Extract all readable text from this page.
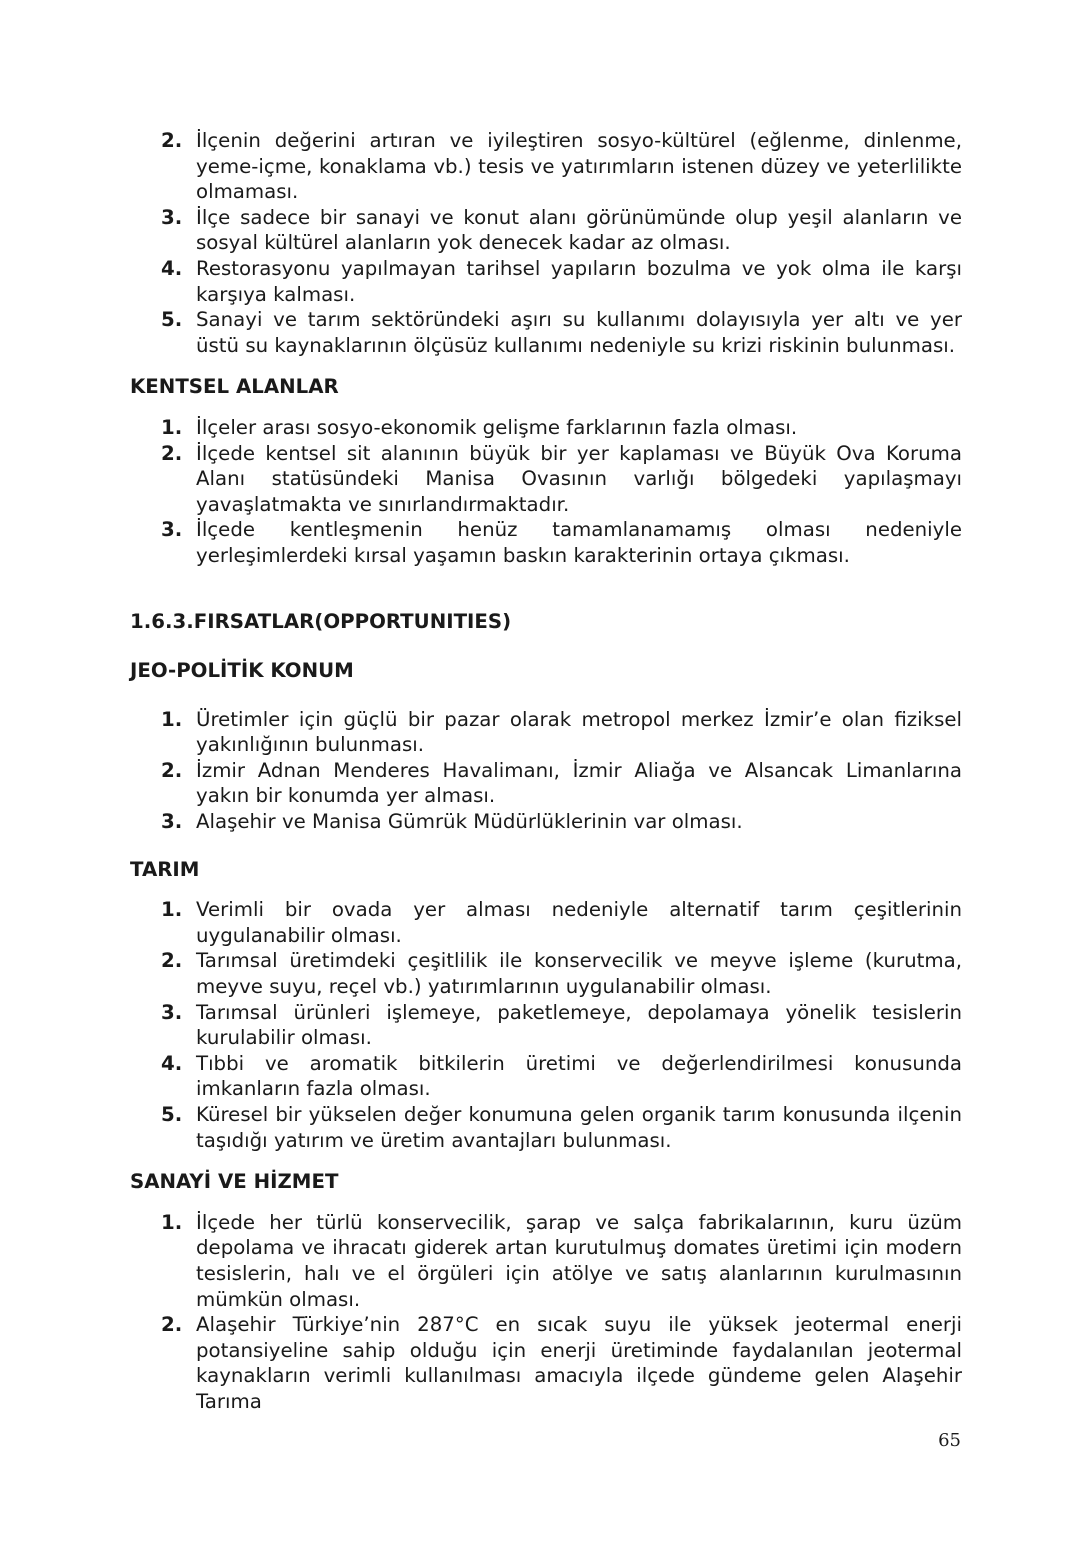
2. İlçenin değerini artıran ve iyileştiren sosyo-kültürel (eğlenme, dinlenme, yeme-içme, konaklama vb.) tesis ve yatırımların istenen düzey ve yeterlilikte olmaması.
3. İlçe sadece bir sanayi ve konut alanı görünümünde olup yeşil alanların ve sosyal kültürel alanların yok denecek kadar az olması.
4. Restorasyonu yapılmayan tarihsel yapıların bozulma ve yok olma ile karşı karşıya kalması.
5. Sanayi ve tarım sektöründeki aşırı su kullanımı dolayısıyla yer altı ve yer üstü su kaynaklarının ölçüsüz kullanımı nedeniyle su krizi riskinin bulunması.
KENTSEL ALANLAR
1. İlçeler arası sosyo-ekonomik gelişme farklarının fazla olması.
2. İlçede kentsel sit alanının büyük bir yer kaplaması ve Büyük Ova Koruma Alanı statüsündeki Manisa Ovasının varlığı bölgedeki yapılaşmayı yavaşlatmakta ve sınırlandırmaktadır.
3. İlçede kentleşmenin henüz tamamlanamamış olması nedeniyle yerleşimlerdeki kırsal yaşamın baskın karakterinin ortaya çıkması.
1.6.3.FIRSATLAR(OPPORTUNITIES)
JEO-POLİTİK KONUM
1. Üretimler için güçlü bir pazar olarak metropol merkez İzmir’e olan fiziksel yakınlığının bulunması.
2. İzmir Adnan Menderes Havalimanı, İzmir Aliağa ve Alsancak Limanlarına yakın bir konumda yer alması.
3. Alaşehir ve Manisa Gümrük Müdürlüklerinin var olması.
TARIM
1. Verimli bir ovada yer alması nedeniyle alternatif tarım çeşitlerinin uygulanabilir olması.
2. Tarımsal üretimdeki çeşitlilik ile konservecilik ve meyve işleme (kurutma, meyve suyu, reçel vb.) yatırımlarının uygulanabilir olması.
3. Tarımsal ürünleri işlemeye, paketlemeye, depolamaya yönelik tesislerin kurulabilir olması.
4. Tıbbi ve aromatik bitkilerin üretimi ve değerlendirilmesi konusunda imkanların fazla olması.
5. Küresel bir yükselen değer konumuna gelen organik tarım konusunda ilçenin taşıdığı yatırım ve üretim avantajları bulunması.
SANAYİ VE HİZMET
1. İlçede her türlü konservecilik, şarap ve salça fabrikalarının, kuru üzüm depolama ve ihracatı giderek artan kurutulmuş domates üretimi için modern tesislerin, halı ve el örgüleri için atölye ve satış alanlarının kurulmasının mümkün olması.
2. Alaşehir Türkiye’nin 287°C en sıcak suyu ile yüksek jeotermal enerji potansiyeline sahip olduğu için enerji üretiminde faydalanılan jeotermal kaynakların verimli kullanılması amacıyla ilçede gündeme gelen Alaşehir Tarıma
65
